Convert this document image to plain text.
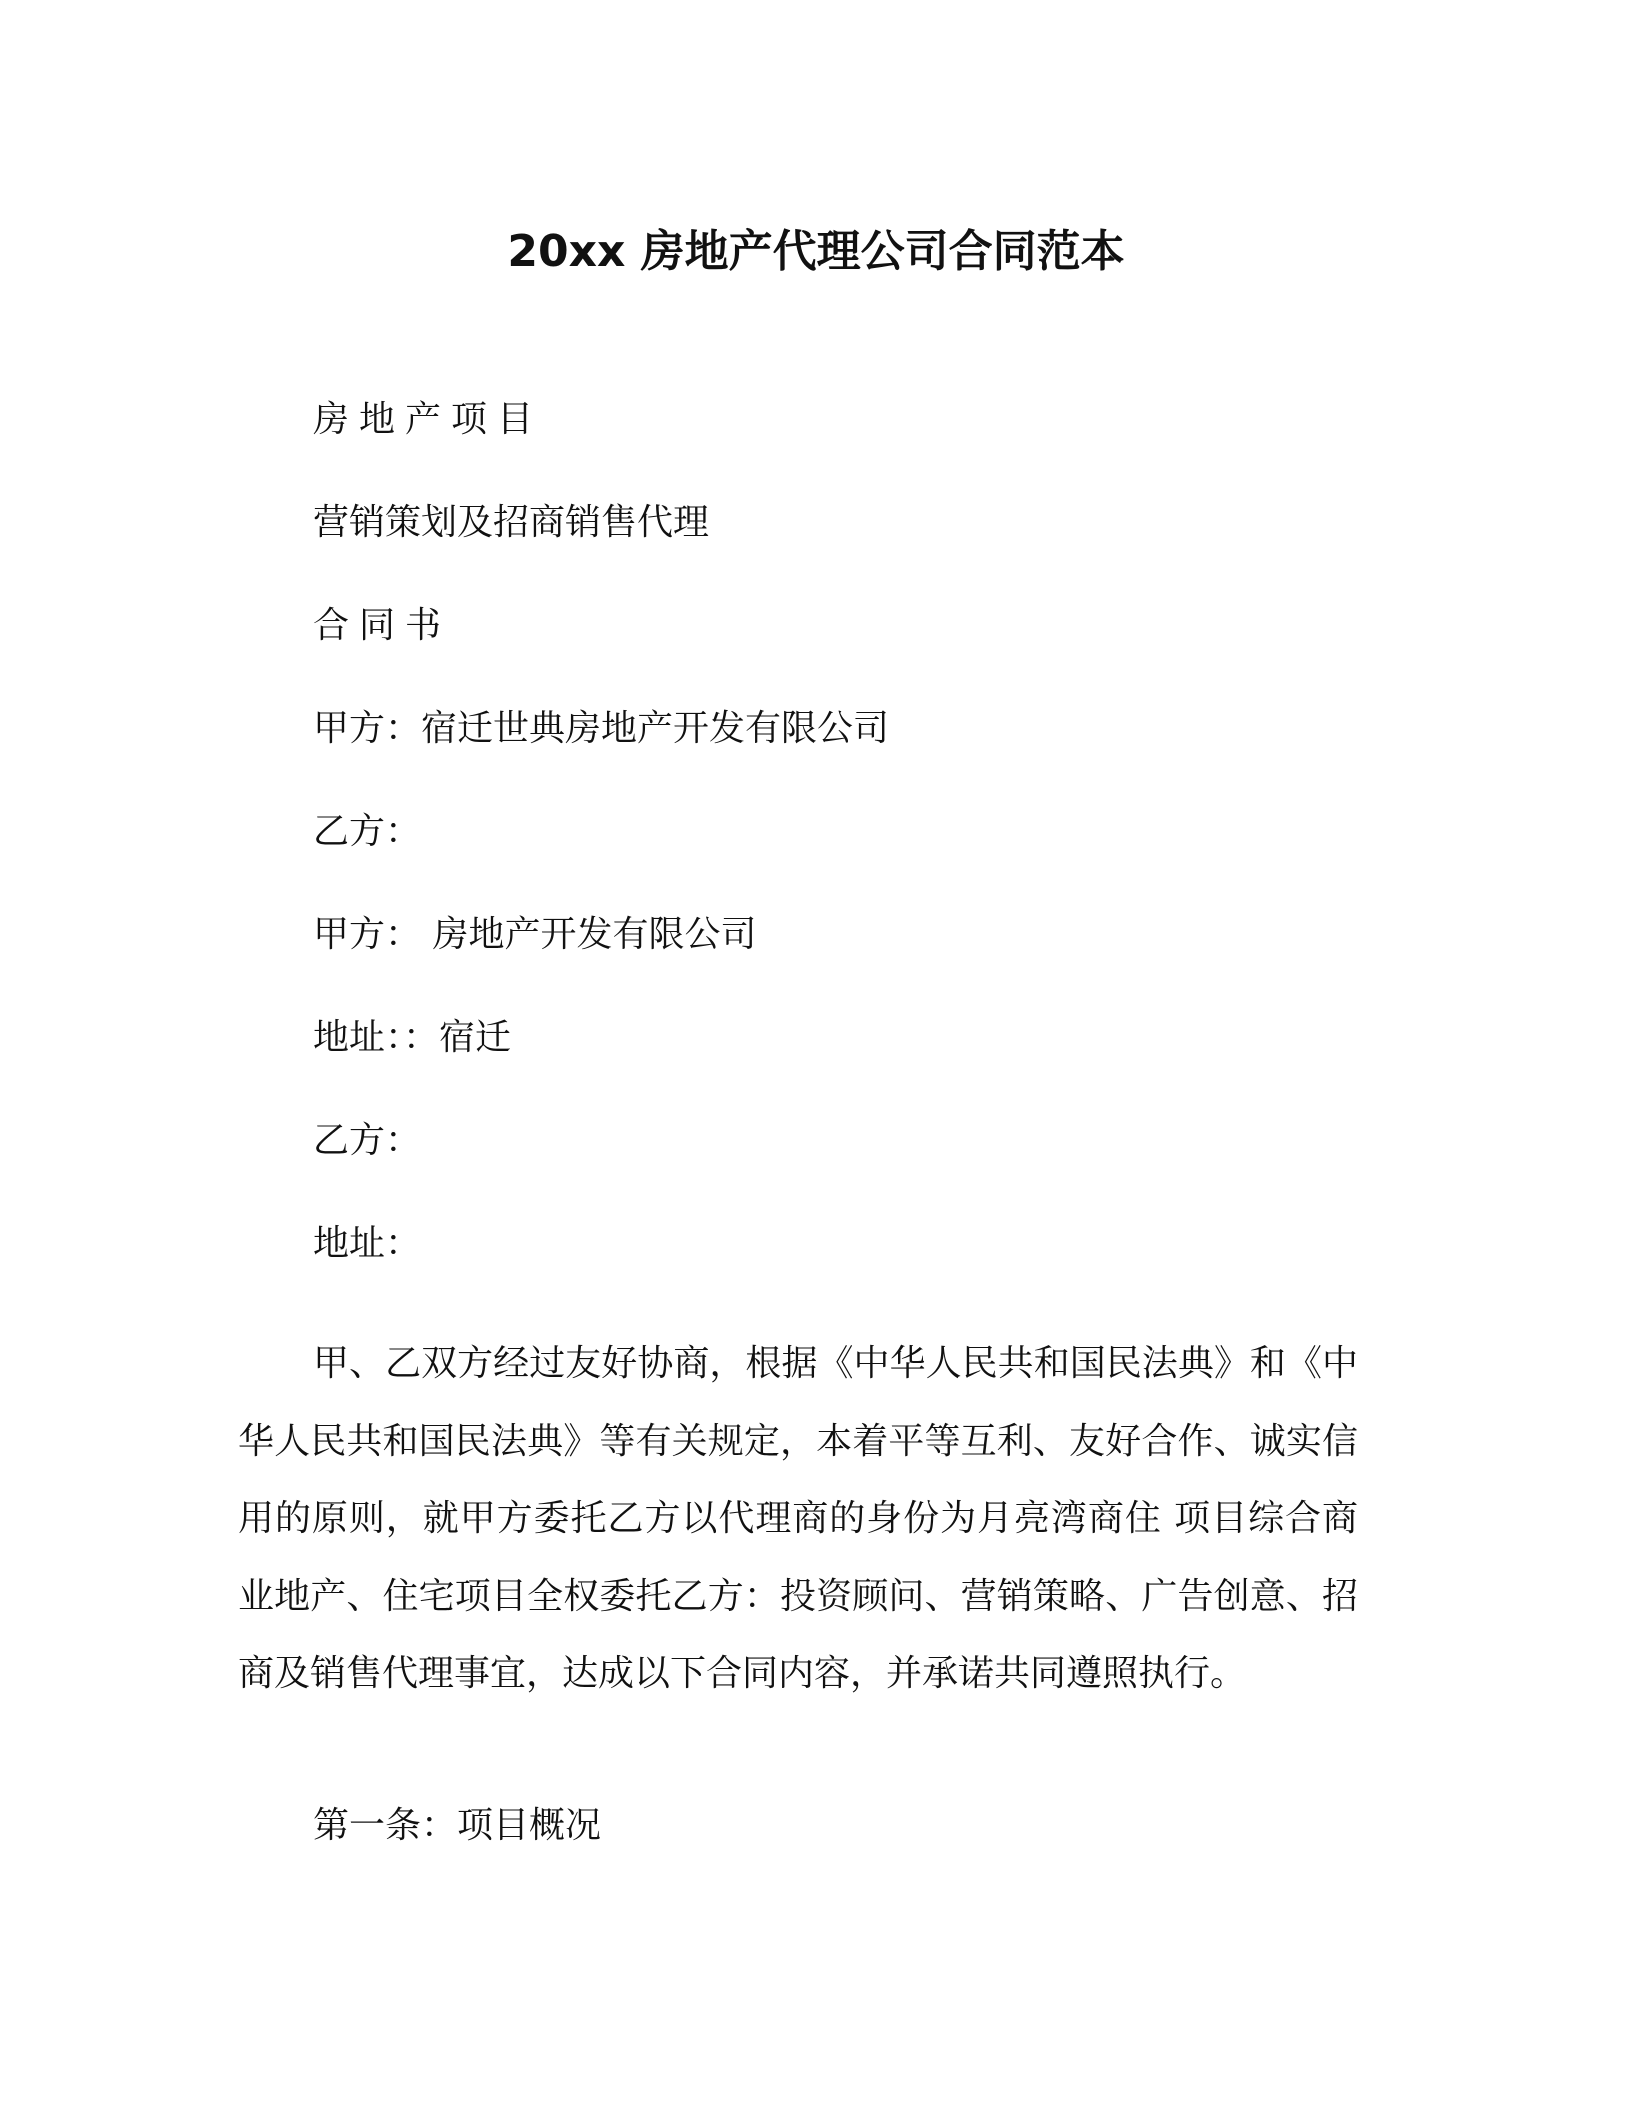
20xx 房地产代理公司合同范本
房地产项目
营销策划及招商销售代理
合同书
甲方：宿迁世典房地产开发有限公司
乙方：
甲方： 房地产开发有限公司
地址：：宿迁
乙方：
地址：
甲、乙双方经过友好协商，根据《中华人民共和国民法典》和《中华人民共和国民法典》等有关规定，本着平等互利、友好合作、诚实信用的原则，就甲方委托乙方以代理商的身份为月亮湾商住 项目综合商业地产、住宅项目全权委托乙方：投资顾问、营销策略、广告创意、招商及销售代理事宜，达成以下合同内容，并承诺共同遵照执行。
第一条：项目概况
